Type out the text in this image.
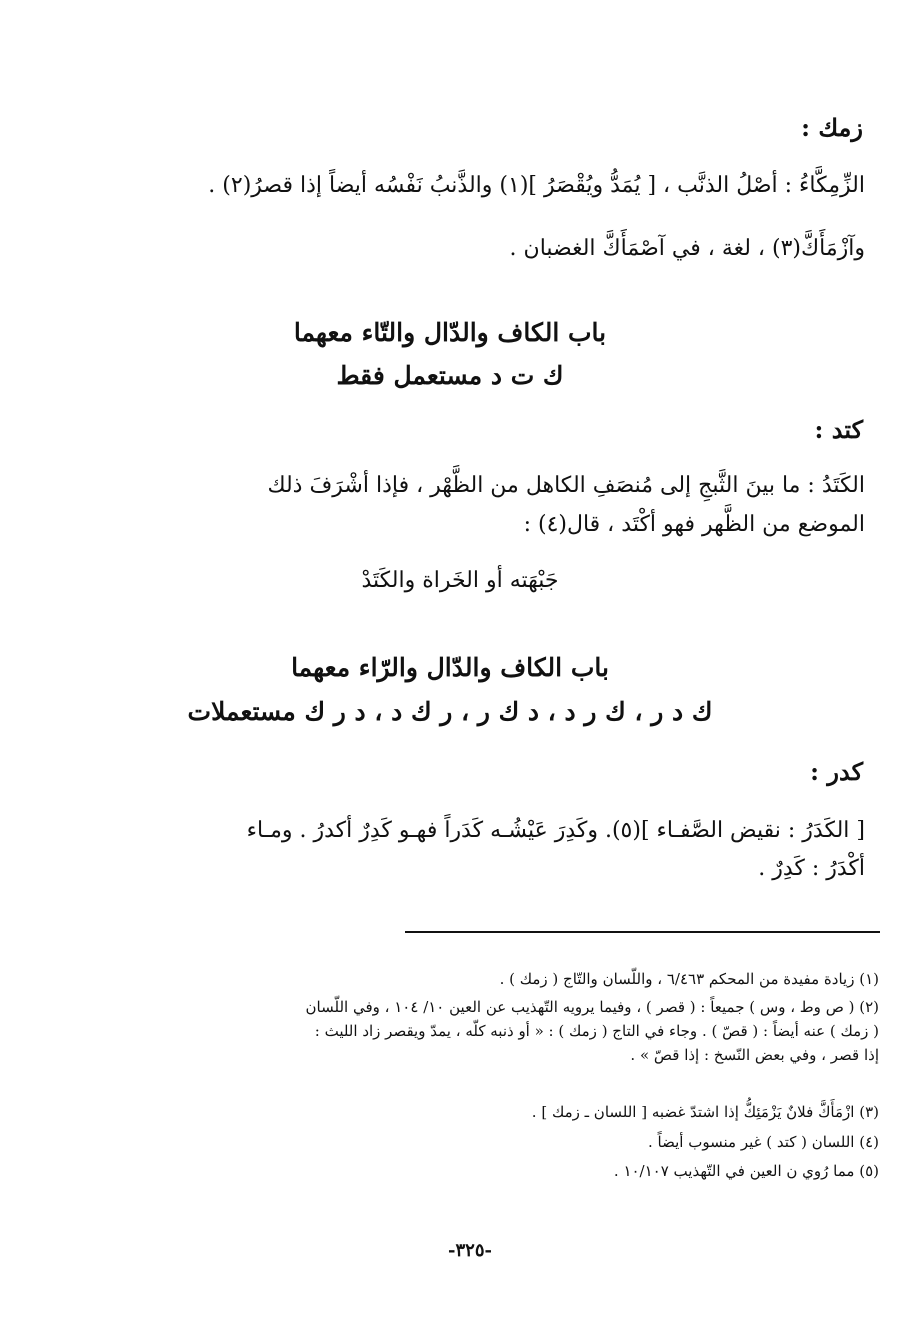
زمك :
الزِّمِكَّاءُ : أصْلُ الذنَّب ، [ يُمَدُّ ويُقْصَرُ ](١) والذَّنبُ نَفْسُه أيضاً إذا قصرُ(٢) .
وآزْمَأَكَّ(٣) ، لغة ، في آصْمَأَكَّ الغضبان .
باب الكاف والدّال والتّاء معهما
ك ت د مستعمل فقط
كتد :
الكَتَدُ : ما بينَ الثَّبجِ إلى مُنصَفِ الكاهل من الظَّهْر ، فإذا أشْرَفَ ذلك
الموضع من الظَّهر فهو أكْتَد ، قال(٤) :
جَبْهَته أو الخَراة والكَتَدْ
باب الكاف والدّال والرّاء معهما
ك د ر ، ك ر د ، د ك ر ، ر ك د ، د ر ك مستعملات
كدر :
[ الكَدَرُ : نقيض الصَّفـاء ](٥). وكَدِرَ عَيْشُـه كَدَراً فهـو كَدِرٌ أكدرُ . ومـاء
أكْدَرُ : كَدِرٌ .

(١) زيادة مفيدة من المحكم ٦/٤٦٣ ، واللّسان والتّاج ( زمك ) .

(٢) ( ص وط ، وس ) جميعاً : ( قصر ) ، وفيما يرويه التّهذيب عن العين ١٠/ ١٠٤ ، وفي اللّسان

( زمك ) عنه أيضاً : ( قصّ ) . وجاء في التاج ( زمك ) : « أو ذنبه كلّه ، يمدّ ويقصر زاد الليث :

إذا قصر ، وفي بعض النّسخ : إذا قصّ » .

(٣) ازْمَأَكَّ فلانٌ يَزْمَئِكُّ إذا اشتدّ غضبه [ اللسان ـ زمك ] .

(٤) اللسان ( كتد ) غير منسوب أيضاً .

(٥) مما رُوي ن العين في التّهذيب ١٠/١٠٧ .

-٣٢٥-
